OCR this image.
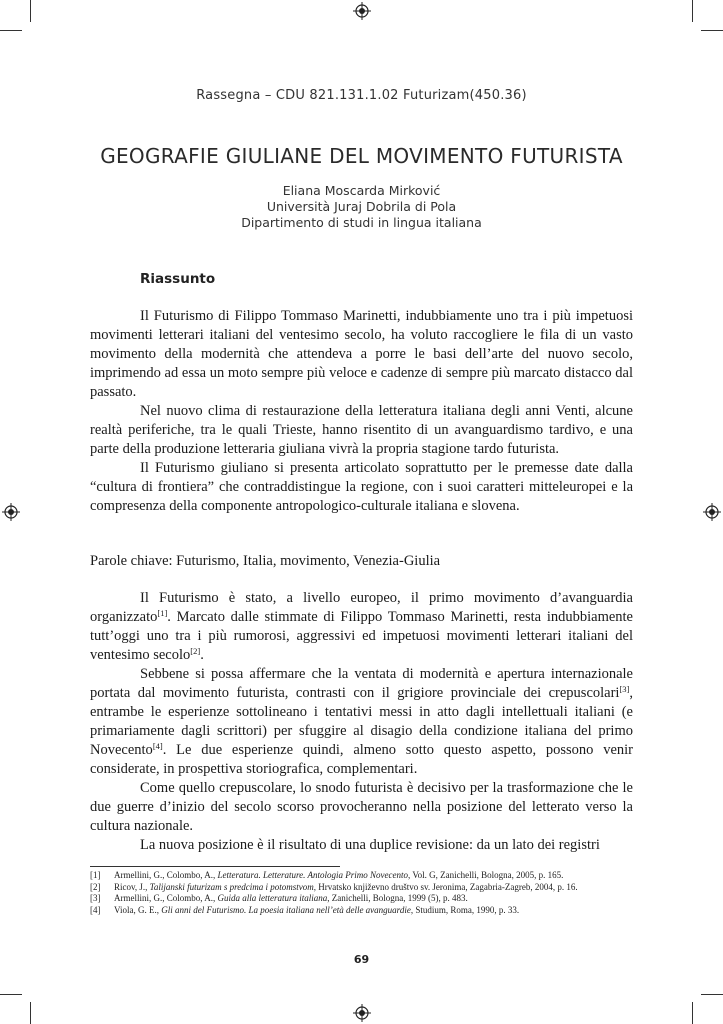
Rassegna – CDU 821.131.1.02 Futurizam(450.36)
GEOGRAFIE GIULIANE DEL MOVIMENTO FUTURISTA
Eliana Moscarda Mirković
Università Juraj Dobrila di Pola
Dipartimento di studi in lingua italiana
Riassunto

Il Futurismo di Filippo Tommaso Marinetti, indubbiamente uno tra i più impetuosi movimenti letterari italiani del ventesimo secolo, ha voluto raccogliere le fila di un vasto movimento della modernità che attendeva a porre le basi dell’arte del nuovo secolo, imprimendo ad essa un moto sempre più veloce e cadenze di sempre più marcato distacco dal passato.

Nel nuovo clima di restaurazione della letteratura italiana degli anni Venti, alcune realtà periferiche, tra le quali Trieste, hanno risentito di un avanguardismo tardivo, e una parte della produzione letteraria giuliana vivrà la propria stagione tardo futurista.

Il Futurismo giuliano si presenta articolato soprattutto per le premesse date dalla “cultura di frontiera” che contraddistingue la regione, con i suoi caratteri mitteleuropei e la compresenza della componente antropologico-culturale italiana e slovena.

Parole chiave: Futurismo, Italia, movimento, Venezia-Giulia

Il Futurismo è stato, a livello europeo, il primo movimento d’avanguardia organizzato[1]. Marcato dalle stimmate di Filippo Tommaso Marinetti, resta indubbiamente tutt’oggi uno tra i più rumorosi, aggressivi ed impetuosi movimenti letterari italiani del ventesimo secolo[2].

Sebbene si possa affermare che la ventata di modernità e apertura internazionale portata dal movimento futurista, contrasti con il grigiore provinciale dei crepuscolari[3], entrambe le esperienze sottolineano i tentativi messi in atto dagli intellettuali italiani (e primariamente dagli scrittori) per sfuggire al disagio della condizione italiana del primo Novecento[4]. Le due esperienze quindi, almeno sotto questo aspetto, possono venir considerate, in prospettiva storiografica, complementari.

Come quello crepuscolare, lo snodo futurista è decisivo per la trasformazione che le due guerre d’inizio del secolo scorso provocheranno nella posizione del letterato verso la cultura nazionale.

La nuova posizione è il risultato di una duplice revisione: da un lato dei registri

[1]	Armellini, G., Colombo, A., Letteratura. Letterature. Antologia Primo Novecento, Vol. G, Zanichelli, Bologna, 2005, p. 165.
[2]	Ricov, J., Talijanski futurizam s predcima i potomstvom, Hrvatsko književno društvo sv. Jeronima, Zagabria-Zagreb, 2004, p. 16.
[3]	Armellini, G., Colombo, A., Guida alla letteratura italiana, Zanichelli, Bologna, 1999 (5), p. 483.
[4]	Viola, G. E., Gli anni del Futurismo. La poesia italiana nell’età delle avanguardie, Studium, Roma, 1990, p. 33.
69
